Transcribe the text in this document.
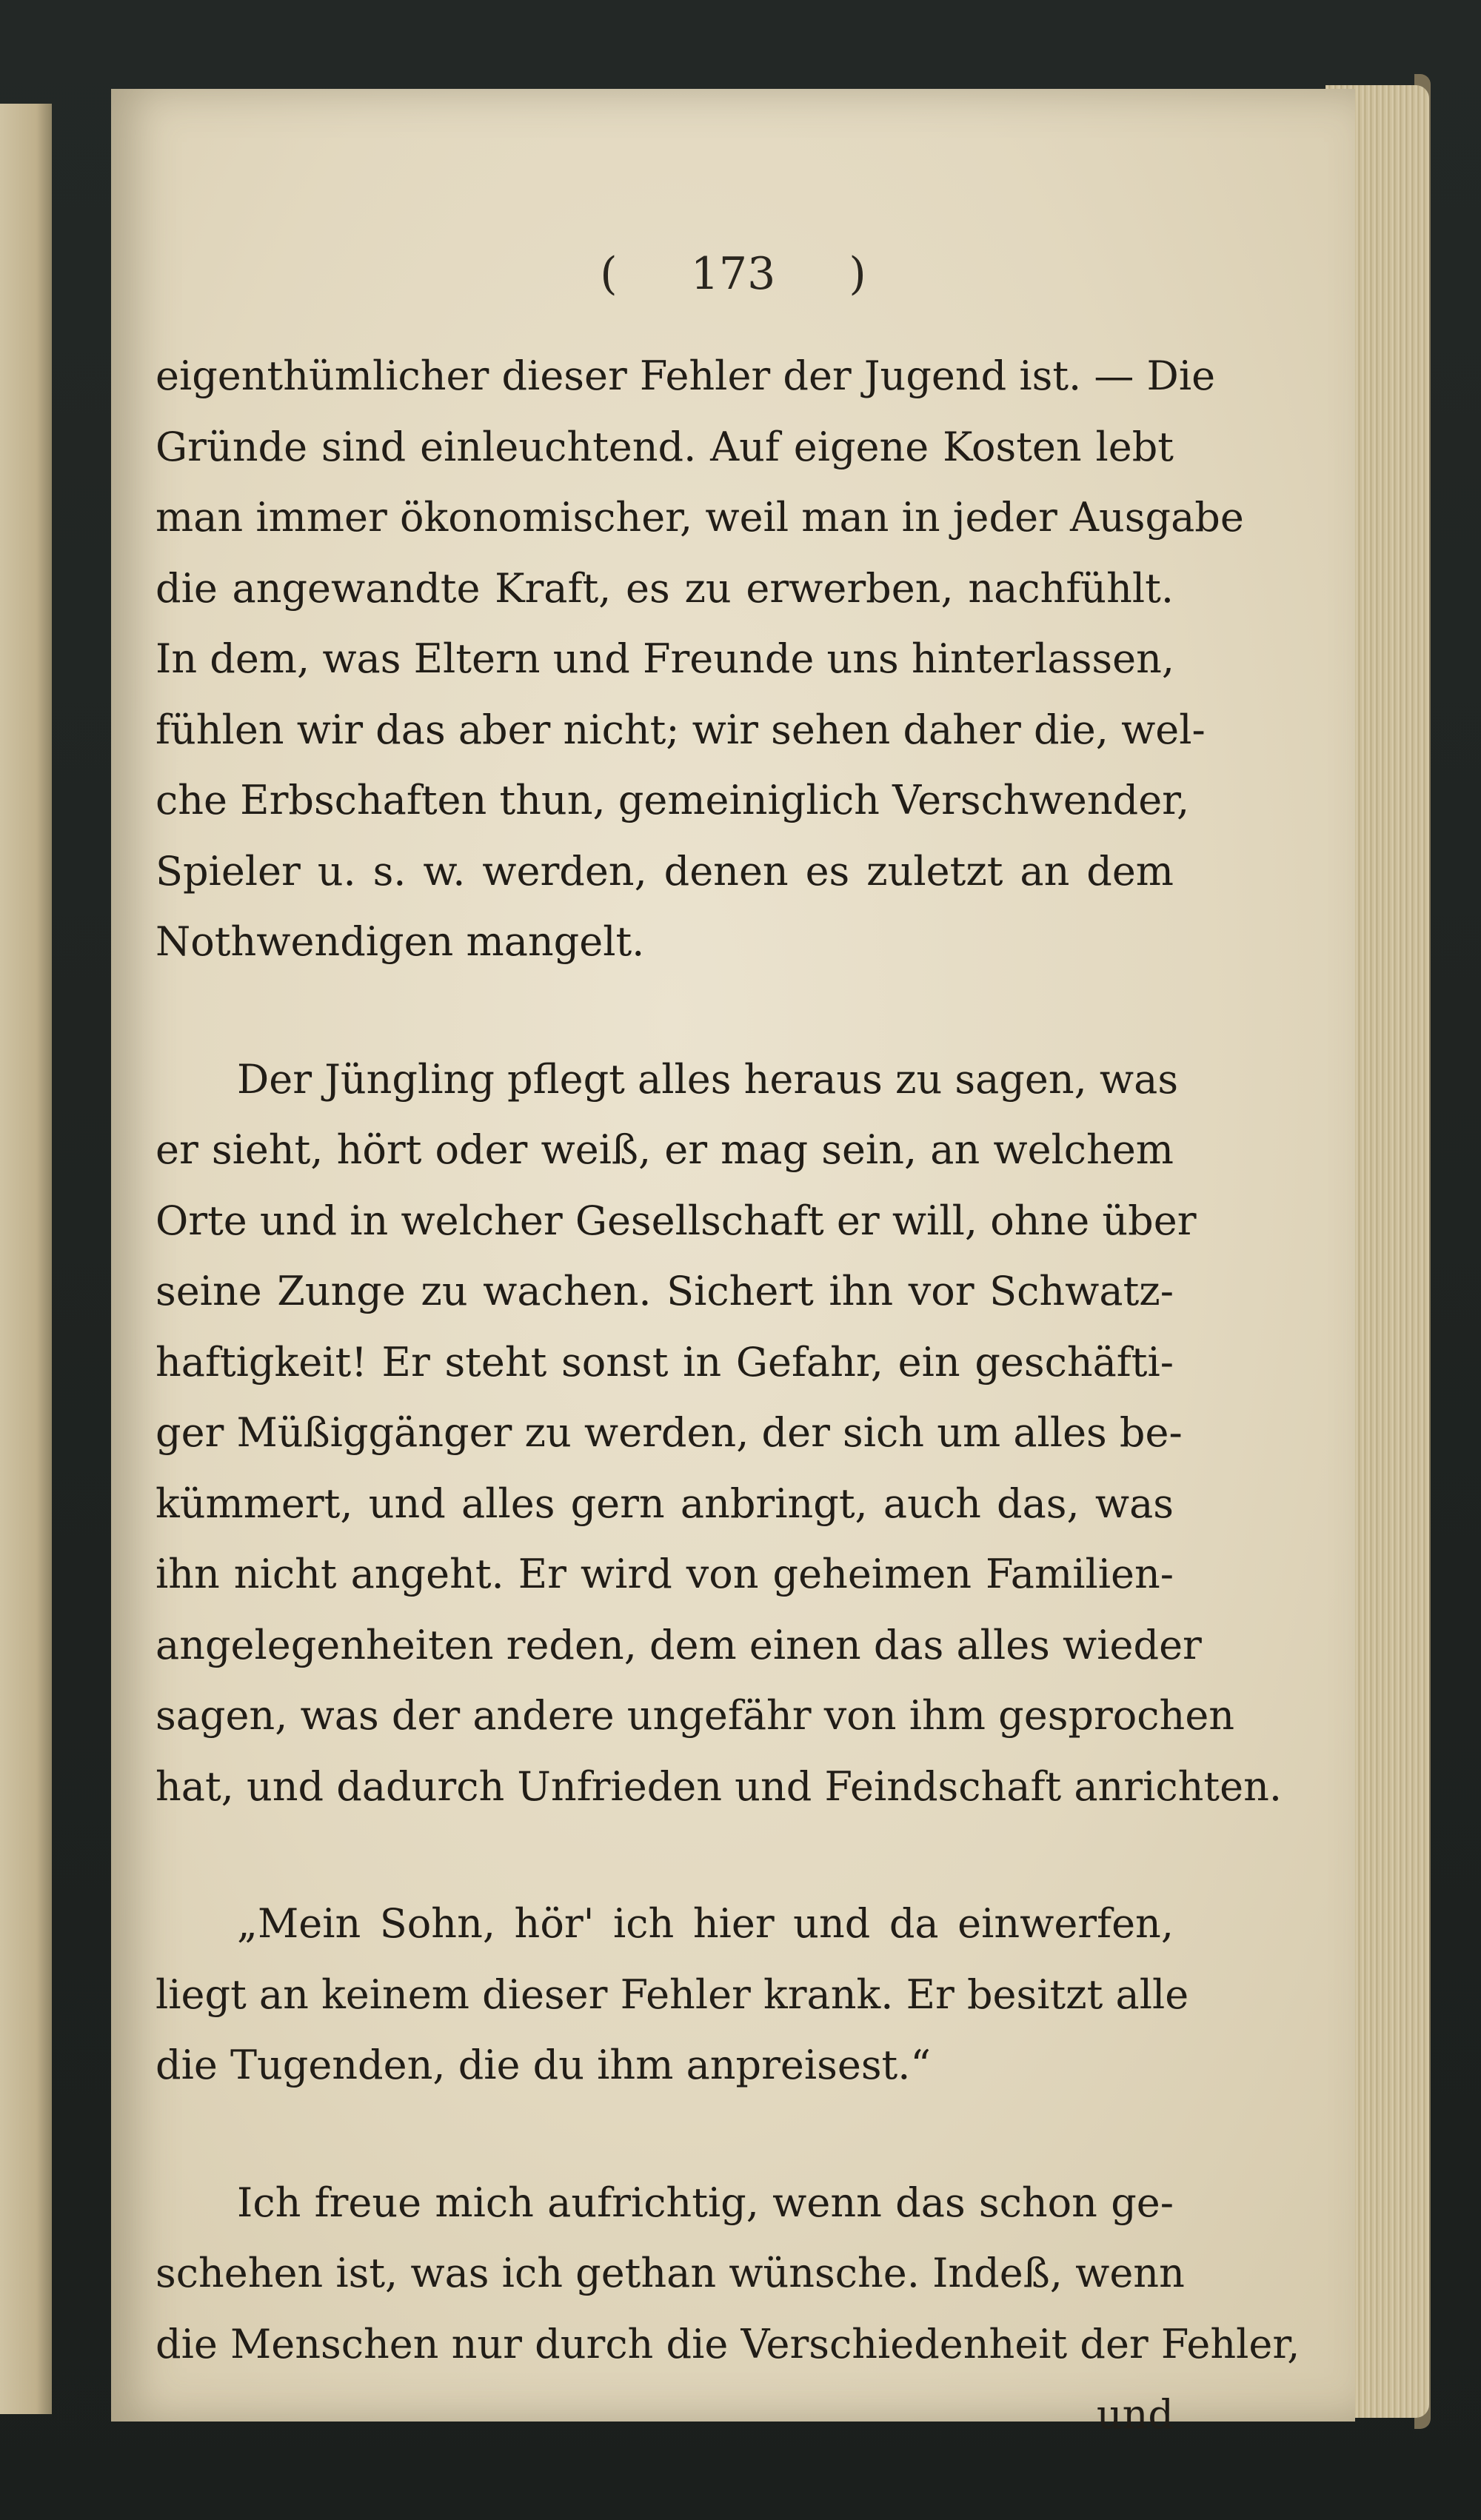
( 173 )
eigenthümlicher dieser Fehler der Jugend ist. — Die
Gründe sind einleuchtend. Auf eigene Kosten lebt
man immer ökonomischer, weil man in jeder Ausgabe
die angewandte Kraft, es zu erwerben, nachfühlt.
In dem, was Eltern und Freunde uns hinterlassen,
fühlen wir das aber nicht; wir sehen daher die, wel-
che Erbschaften thun, gemeiniglich Verschwender,
Spieler u. s. w. werden, denen es zuletzt an dem
Nothwendigen mangelt.
Der Jüngling pflegt alles heraus zu sagen, was
er sieht, hört oder weiß, er mag sein, an welchem
Orte und in welcher Gesellschaft er will, ohne über
seine Zunge zu wachen. Sichert ihn vor Schwatz-
haftigkeit! Er steht sonst in Gefahr, ein geschäfti-
ger Müßiggänger zu werden, der sich um alles be-
kümmert, und alles gern anbringt, auch das, was
ihn nicht angeht. Er wird von geheimen Familien-
angelegenheiten reden, dem einen das alles wieder
sagen, was der andere ungefähr von ihm gesprochen
hat, und dadurch Unfrieden und Feindschaft anrichten.
„Mein Sohn, hör' ich hier und da einwerfen,
liegt an keinem dieser Fehler krank. Er besitzt alle
die Tugenden, die du ihm anpreisest.“
Ich freue mich aufrichtig, wenn das schon ge-
schehen ist, was ich gethan wünsche. Indeß, wenn
die Menschen nur durch die Verschiedenheit der Fehler,
und
